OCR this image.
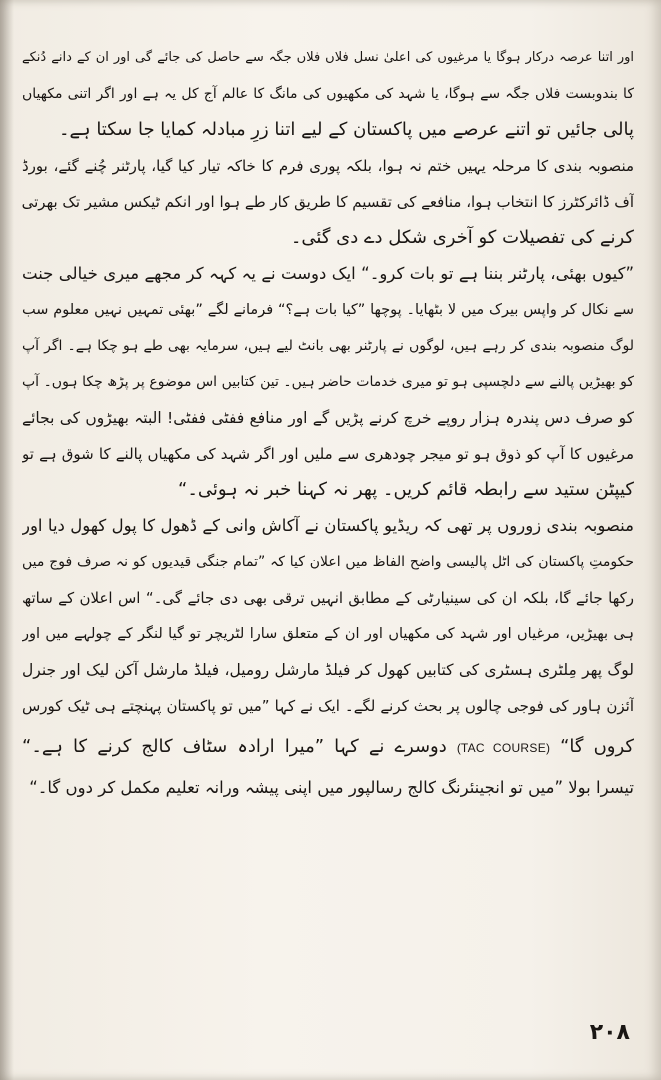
اور اتنا عرصہ درکار ہوگا یا مرغیوں کی اعلیٰ نسل فلاں فلاں جگہ سے حاصل کی جائے گی اور ان کے دانے دُنکے
کا بندوبست فلاں جگہ سے ہوگا، یا شہد کی مکھیوں کی مانگ کا عالم آج کل یہ ہے اور اگر اتنی مکھیاں
پالی جائیں تو اتنے عرصے میں پاکستان کے لیے اتنا زرِ مبادلہ کمایا جا سکتا ہے۔
منصوبہ بندی کا مرحلہ یہیں ختم نہ ہوا، بلکہ پوری فرم کا خاکہ تیار کیا گیا، پارٹنر چُنے گئے، بورڈ
آف ڈائرکٹرز کا انتخاب ہوا، منافعے کی تقسیم کا طریق کار طے ہوا اور انکم ٹیکس مشیر تک بھرتی
کرنے کی تفصیلات کو آخری شکل دے دی گئی۔
”کیوں بھئی، پارٹنر بننا ہے تو بات کرو۔“ ایک دوست نے یہ کہہ کر مجھے میری خیالی جنت
سے نکال کر واپس بیرک میں لا بٹھایا۔ پوچھا ”کیا بات ہے؟“ فرمانے لگے ”بھئی تمہیں نہیں معلوم سب
لوگ منصوبہ بندی کر رہے ہیں، لوگوں نے پارٹنر بھی بانٹ لیے ہیں، سرمایہ بھی طے ہو چکا ہے۔ اگر آپ
کو بھیڑیں پالنے سے دلچسپی ہو تو میری خدمات حاضر ہیں۔ تین کتابیں اس موضوع پر پڑھ چکا ہوں۔ آپ
کو صرف دس پندرہ ہزار روپے خرچ کرنے پڑیں گے اور منافع ففٹی ففٹی! البتہ بھیڑوں کی بجائے
مرغیوں کا آپ کو ذوق ہو تو میجر چودھری سے ملیں اور اگر شہد کی مکھیاں پالنے کا شوق ہے تو
کیپٹن ستید سے رابطہ قائم کریں۔ پھر نہ کہنا خبر نہ ہوئی۔“
منصوبہ بندی زوروں پر تھی کہ ریڈیو پاکستان نے آکاش وانی کے ڈھول کا پول کھول دیا اور
حکومتِ پاکستان کی اٹل پالیسی واضح الفاظ میں اعلان کیا کہ ”تمام جنگی قیدیوں کو نہ صرف فوج میں
رکھا جائے گا، بلکہ ان کی سینیارٹی کے مطابق انہیں ترقی بھی دی جائے گی۔“ اس اعلان کے ساتھ
ہی بھیڑیں، مرغیاں اور شہد کی مکھیاں اور ان کے متعلق سارا لٹریچر تو گیا لنگر کے چولہے میں اور
لوگ پھر مِلٹری ہسٹری کی کتابیں کھول کر فیلڈ مارشل رومیل، فیلڈ مارشل آکن لیک اور جنرل
آئزن ہاور کی فوجی چالوں پر بحث کرنے لگے۔ ایک نے کہا ”میں تو پاکستان پہنچتے ہی ٹیک کورس
کروں گا“ (TAC COURSE) دوسرے نے کہا ”میرا ارادہ سٹاف کالج کرنے کا ہے۔“
تیسرا بولا ”میں تو انجینئرنگ کالج رسالپور میں اپنی پیشہ ورانہ تعلیم مکمل کر دوں گا۔“
۲۰۸
